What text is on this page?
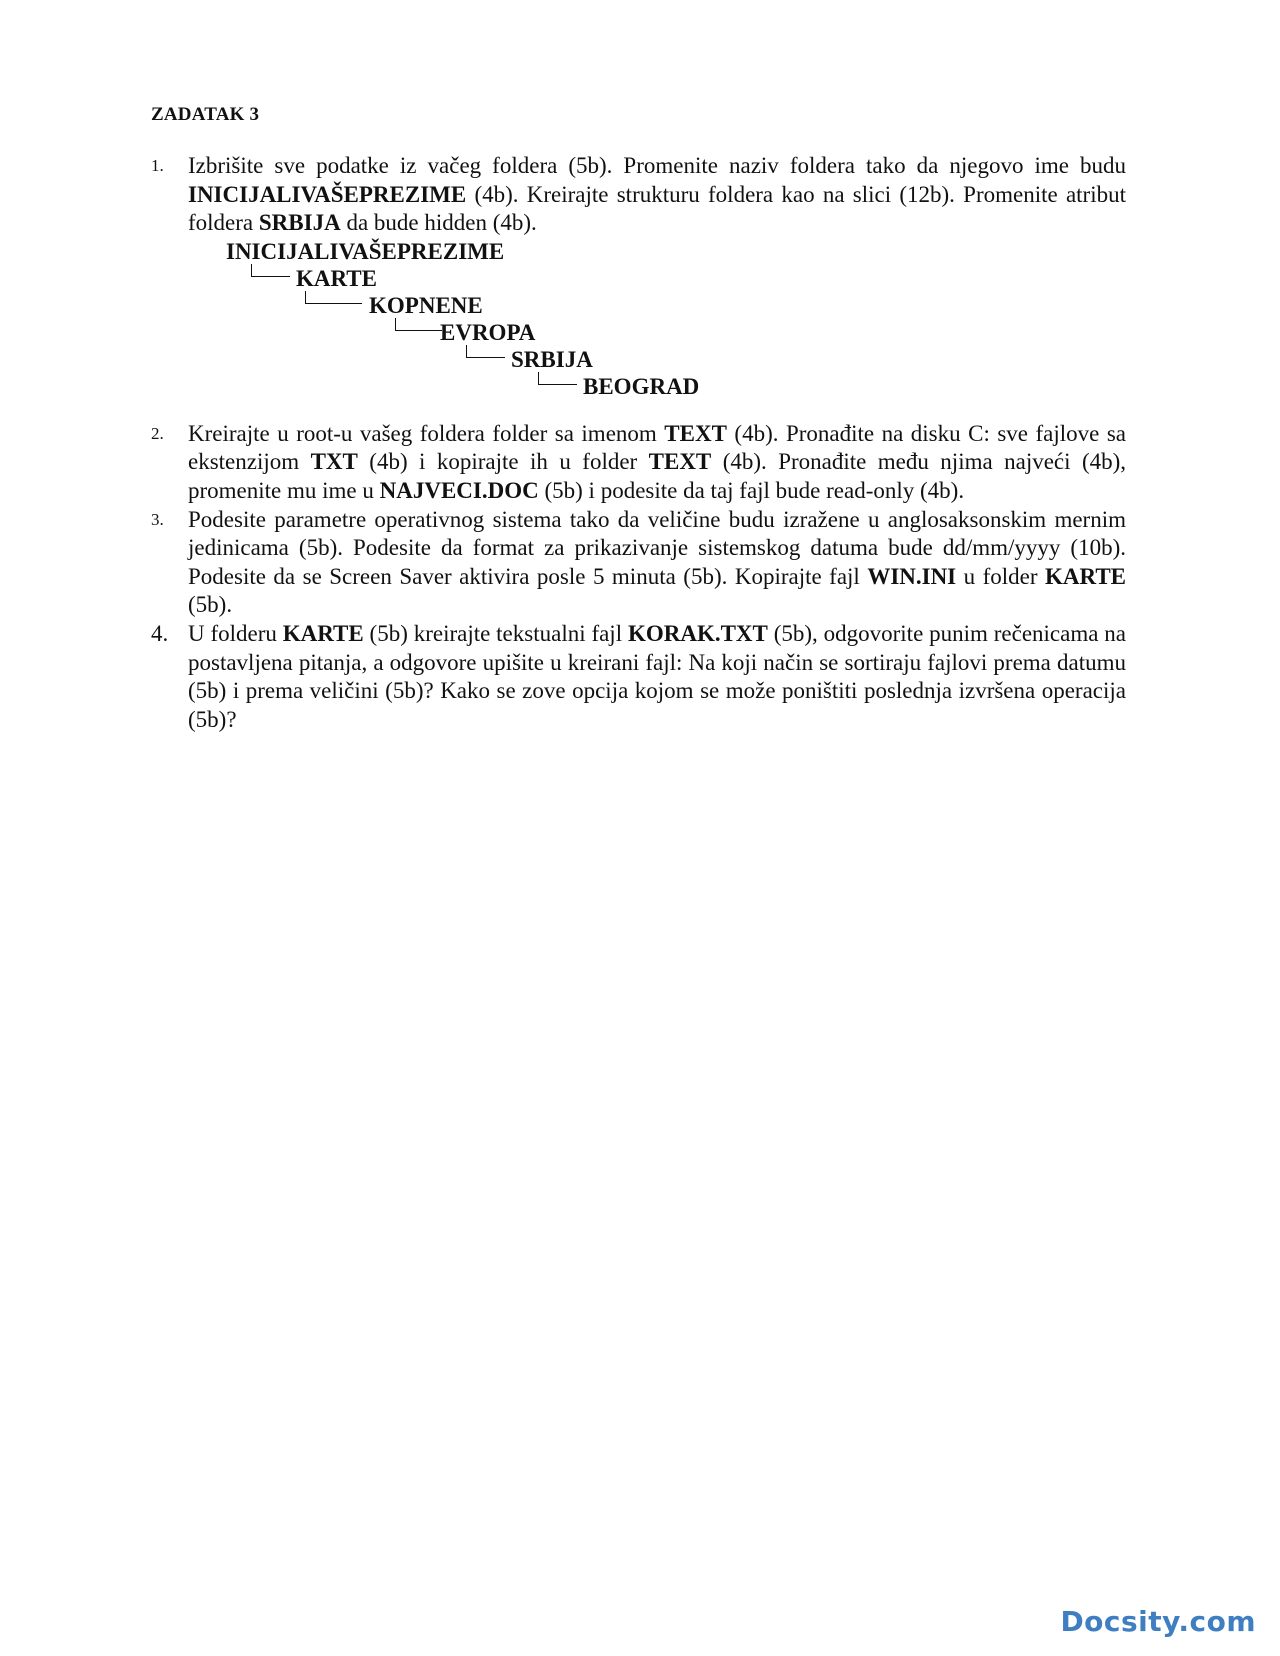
ZADATAK 3
1. Izbrišite sve podatke iz vačeg foldera (5b). Promenite naziv foldera tako da njegovo ime budu INICIJALIVAŠEPREZIME (4b). Kreirajte strukturu foldera kao na slici (12b). Promenite atribut foldera SRBIJA da bude hidden (4b).
INICIJALIVAŠEPREZIME
KARTE
KOPNENE
EVROPA
SRBIJA
BEOGRAD
2. Kreirajte u root-u vašeg foldera folder sa imenom TEXT (4b). Pronađite na disku C: sve fajlove sa ekstenzijom TXT (4b) i kopirajte ih u folder TEXT (4b). Pronađite među njima najveći (4b), promenite mu ime u NAJVECI.DOC (5b) i podesite da taj fajl bude read-only (4b).
3. Podesite parametre operativnog sistema tako da veličine budu izražene u anglosaksonskim mernim jedinicama (5b). Podesite da format za prikazivanje sistemskog datuma bude dd/mm/yyyy (10b). Podesite da se Screen Saver aktivira posle 5 minuta (5b). Kopirajte fajl WIN.INI u folder KARTE (5b).
4. U folderu KARTE (5b) kreirajte tekstualni fajl KORAK.TXT (5b), odgovorite punim rečenicama na postavljena pitanja, a odgovore upišite u kreirani fajl: Na koji način se sortiraju fajlovi prema datumu (5b) i prema veličini (5b)? Kako se zove opcija kojom se može poništiti poslednja izvršena operacija (5b)?
Docsity.com
